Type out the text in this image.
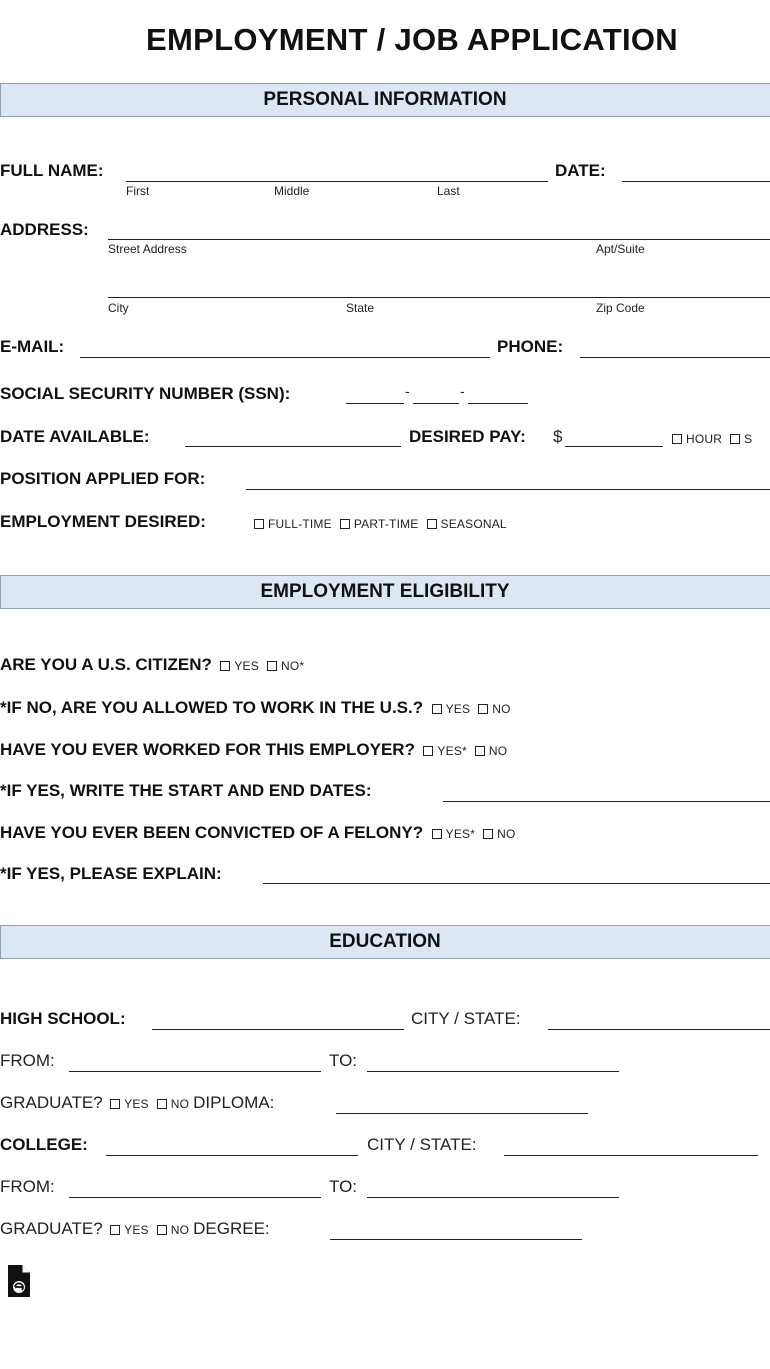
EMPLOYMENT / JOB APPLICATION
PERSONAL INFORMATION
FULL NAME:
First	Middle	Last
DATE:
ADDRESS:
Street Address	Apt/Suite
City	State	Zip Code
E-MAIL:	PHONE:
SOCIAL SECURITY NUMBER (SSN):	-	-
DATE AVAILABLE:	DESIRED PAY: $	HOUR S
POSITION APPLIED FOR:
EMPLOYMENT DESIRED:	FULL-TIME PART-TIME SEASONAL
EMPLOYMENT ELIGIBILITY
ARE YOU A U.S. CITIZEN? YES NO*
*IF NO, ARE YOU ALLOWED TO WORK IN THE U.S.? YES NO
HAVE YOU EVER WORKED FOR THIS EMPLOYER? YES* NO
*IF YES, WRITE THE START AND END DATES:
HAVE YOU EVER BEEN CONVICTED OF A FELONY? YES* NO
*IF YES, PLEASE EXPLAIN:
EDUCATION
HIGH SCHOOL:	CITY / STATE:
FROM:	TO:
GRADUATE? YES NO DIPLOMA:
COLLEGE:	CITY / STATE:
FROM:	TO:
GRADUATE? YES NO DEGREE:
